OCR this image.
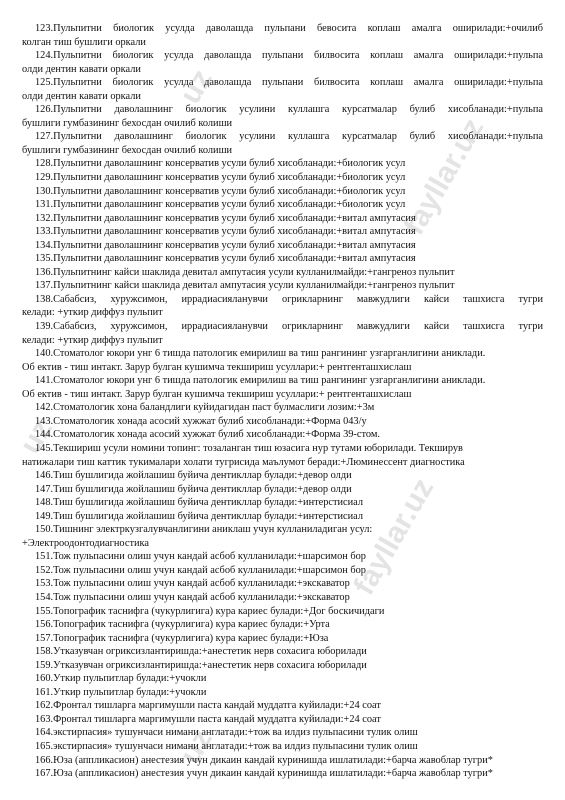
uz
fayllar.uz
uz
fayllar.uz
uz
123.Пульпитни биологик усулда даволашда пульпани бевосита коплаш амалга оширилади:+очилиб
колган тиш бушлиги оркали
124.Пульпитни биологик усулда даволашда пульпани билвосита коплаш амалга оширилади:+пульпа
олди дентин кавати оркали
125.Пульпитни биологик усулда даволашда пульпани билвосита коплаш амалга оширилади:+пульпа
олди дентин кавати оркали
126.Пульпитни даволашнинг биологик усулини куллашга курсатмалар булиб хисобланади:+пульпа
бушлиги гумбазининг бехосдан очилиб колиши
127.Пульпитни даволашнинг биологик усулини куллашга курсатмалар булиб хисобланади:+пульпа
бушлиги гумбазининг бехосдан очилиб колиши
128.Пульпитни даволашнинг консерватив усули булиб хисобланади:+биологик усул
129.Пульпитни даволашнинг консерватив усули булиб хисобланади:+биологик усул
130.Пульпитни даволашнинг консерватив усули булиб хисобланади:+биологик усул
131.Пульпитни даволашнинг консерватив усули булиб хисобланади:+биологик усул
132.Пульпитни даволашнинг консерватив усули булиб хисобланади:+витал ампутасия
133.Пульпитни даволашнинг консерватив усули булиб хисобланади:+витал ампутасия
134.Пульпитни даволашнинг консерватив усули булиб хисобланади:+витал ампутасия
135.Пульпитни даволашнинг консерватив усули булиб хисобланади:+витал ампутасия
136.Пульпитнинг кайси шаклида девитал ампутасия усули кулланилмайди:+гангреноз пульпит
137.Пульпитнинг кайси шаклида девитал ампутасия усули кулланилмайди:+гангреноз пульпит
138.Сабабсиз, хуружсимон, иррадиасияланувчи огрикларнинг мавжудлиги кайси ташхисга тугри
келади: +уткир диффуз пульпит
139.Сабабсиз, хуружсимон, иррадиасияланувчи огрикларнинг мавжудлиги кайси ташхисга тугри
келади: +уткир диффуз пульпит
140.Стоматолог юкори унг 6 тишда патологик емирилиш ва тиш рангининг узгарганлигини аниклади.
Об ектив - тиш интакт. Зарур булган кушимча текшириш усуллари:+ рентгенташхислаш
141.Стоматолог юкори унг 6 тишда патологик емирилиш ва тиш рангининг узгарганлигини аниклади.
Об ектив - тиш интакт. Зарур булган кушимча текшириш усуллари:+ рентгенташхислаш
142.Стоматологик хона баландлиги куйидагидан паст булмаслиги лозим:+3м
143.Стоматологик хонада асосий хужжат булиб хисобланади:+Форма 043/у
144.Стоматологик хонада асосий хужжат булиб хисобланади:+Форма 39-стом.
145.Текшириш усули номини топинг: тозаланган тиш юзасига нур тутами юборилади. Текширув
натижалари тиш каттик тукималари холати тугрисида маълумот беради:+Люминессент диагностика
146.Тиш бушлигида жойлашиш буйича дентикллар булади:+девор олди
147.Тиш бушлигида жойлашиш буйича дентикллар булади:+девор олди
148.Тиш бушлигида жойлашиш буйича дентикллар булади:+интерстисиал
149.Тиш бушлигида жойлашиш буйича дентикллар булади:+интерстисиал
150.Тишнинг электркузгалувчанлигини аниклаш учун кулланиладиган усул:
+Электроодонтодиагностика
151.Тож пульпасини олиш учун кандай асбоб кулланилади:+шарсимон бор
152.Тож пульпасини олиш учун кандай асбоб кулланилади:+шарсимон бор
153.Тож пульпасини олиш учун кандай асбоб кулланилади:+экскаватор
154.Тож пульпасини олиш учун кандай асбоб кулланилади:+экскаватор
155.Топографик таснифга (чукурлигига) кура кариес булади:+Дог боскичидаги
156.Топографик таснифга (чукурлигига) кура кариес булади:+Урта
157.Топографик таснифга (чукурлигига) кура кариес булади:+Юза
158.Утказувчан огриксизлантиришда:+анестетик нерв сохасига юборилади
159.Утказувчан огриксизлантиришда:+анестетик нерв сохасига юборилади
160.Уткир пульпитлар булади:+учокли
161.Уткир пульпитлар булади:+учокли
162.Фронтал тишларга маргимушли паста кандай муддатга куйилади:+24 соат
163.Фронтал тишларга маргимушли паста кандай муддатга куйилади:+24 соат
164.экстирпасия» тушунчаси нимани англатади:+тож ва илдиз пульпасини тулик олиш
165.экстирпасия» тушунчаси нимани англатади:+тож ва илдиз пульпасини тулик олиш
166.Юза (аппликасион) анестезия учун дикаин кандай куринишда ишлатилади:+барча жавоблар тугри*
167.Юза (аппликасион) анестезия учун дикаин кандай куринишда ишлатилади:+барча жавоблар тугри*
